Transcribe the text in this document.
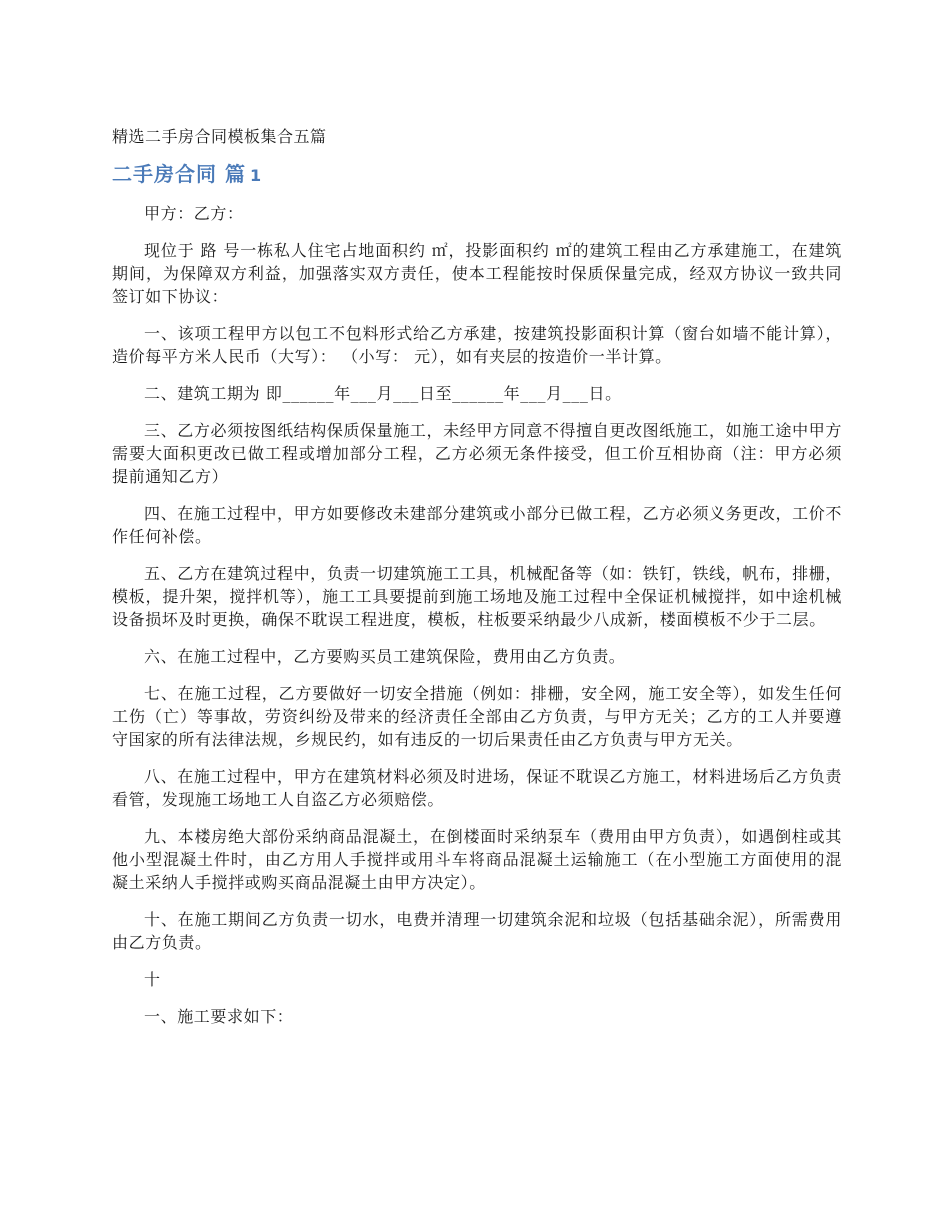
精选二手房合同模板集合五篇
二手房合同 篇 1

甲方：乙方：

现位于 路 号一栋私人住宅占地面积约 ㎡，投影面积约 ㎡的建筑工程由乙方承建施工，在建筑期间，为保障双方利益，加强落实双方责任，使本工程能按时保质保量完成，经双方协议一致共同签订如下协议：

一、该项工程甲方以包工不包料形式给乙方承建，按建筑投影面积计算（窗台如墙不能计算），造价每平方米人民币（大写）： （小写： 元），如有夹层的按造价一半计算。

二、建筑工期为 即______年___月___日至______年___月___日。

三、乙方必须按图纸结构保质保量施工，未经甲方同意不得擅自更改图纸施工，如施工途中甲方需要大面积更改已做工程或增加部分工程，乙方必须无条件接受，但工价互相协商（注：甲方必须提前通知乙方）

四、在施工过程中，甲方如要修改未建部分建筑或小部分已做工程，乙方必须义务更改，工价不作任何补偿。

五、乙方在建筑过程中，负责一切建筑施工工具，机械配备等（如：铁钉，铁线，帆布，排栅，模板，提升架，搅拌机等），施工工具要提前到施工场地及施工过程中全保证机械搅拌，如中途机械设备损坏及时更换，确保不耽误工程进度，模板，柱板要采纳最少八成新，楼面模板不少于二层。

六、在施工过程中，乙方要购买员工建筑保险，费用由乙方负责。

七、在施工过程，乙方要做好一切安全措施（例如：排栅，安全网，施工安全等），如发生任何工伤（亡）等事故，劳资纠纷及带来的经济责任全部由乙方负责，与甲方无关；乙方的工人并要遵守国家的所有法律法规，乡规民约，如有违反的一切后果责任由乙方负责与甲方无关。

八、在施工过程中，甲方在建筑材料必须及时进场，保证不耽误乙方施工，材料进场后乙方负责看管，发现施工场地工人自盗乙方必须赔偿。

九、本楼房绝大部份采纳商品混凝土，在倒楼面时采纳泵车（费用由甲方负责），如遇倒柱或其他小型混凝土件时，由乙方用人手搅拌或用斗车将商品混凝土运输施工（在小型施工方面使用的混凝土采纳人手搅拌或购买商品混凝土由甲方决定）。

十、在施工期间乙方负责一切水，电费并清理一切建筑余泥和垃圾（包括基础余泥），所需费用由乙方负责。

十

一、施工要求如下：
